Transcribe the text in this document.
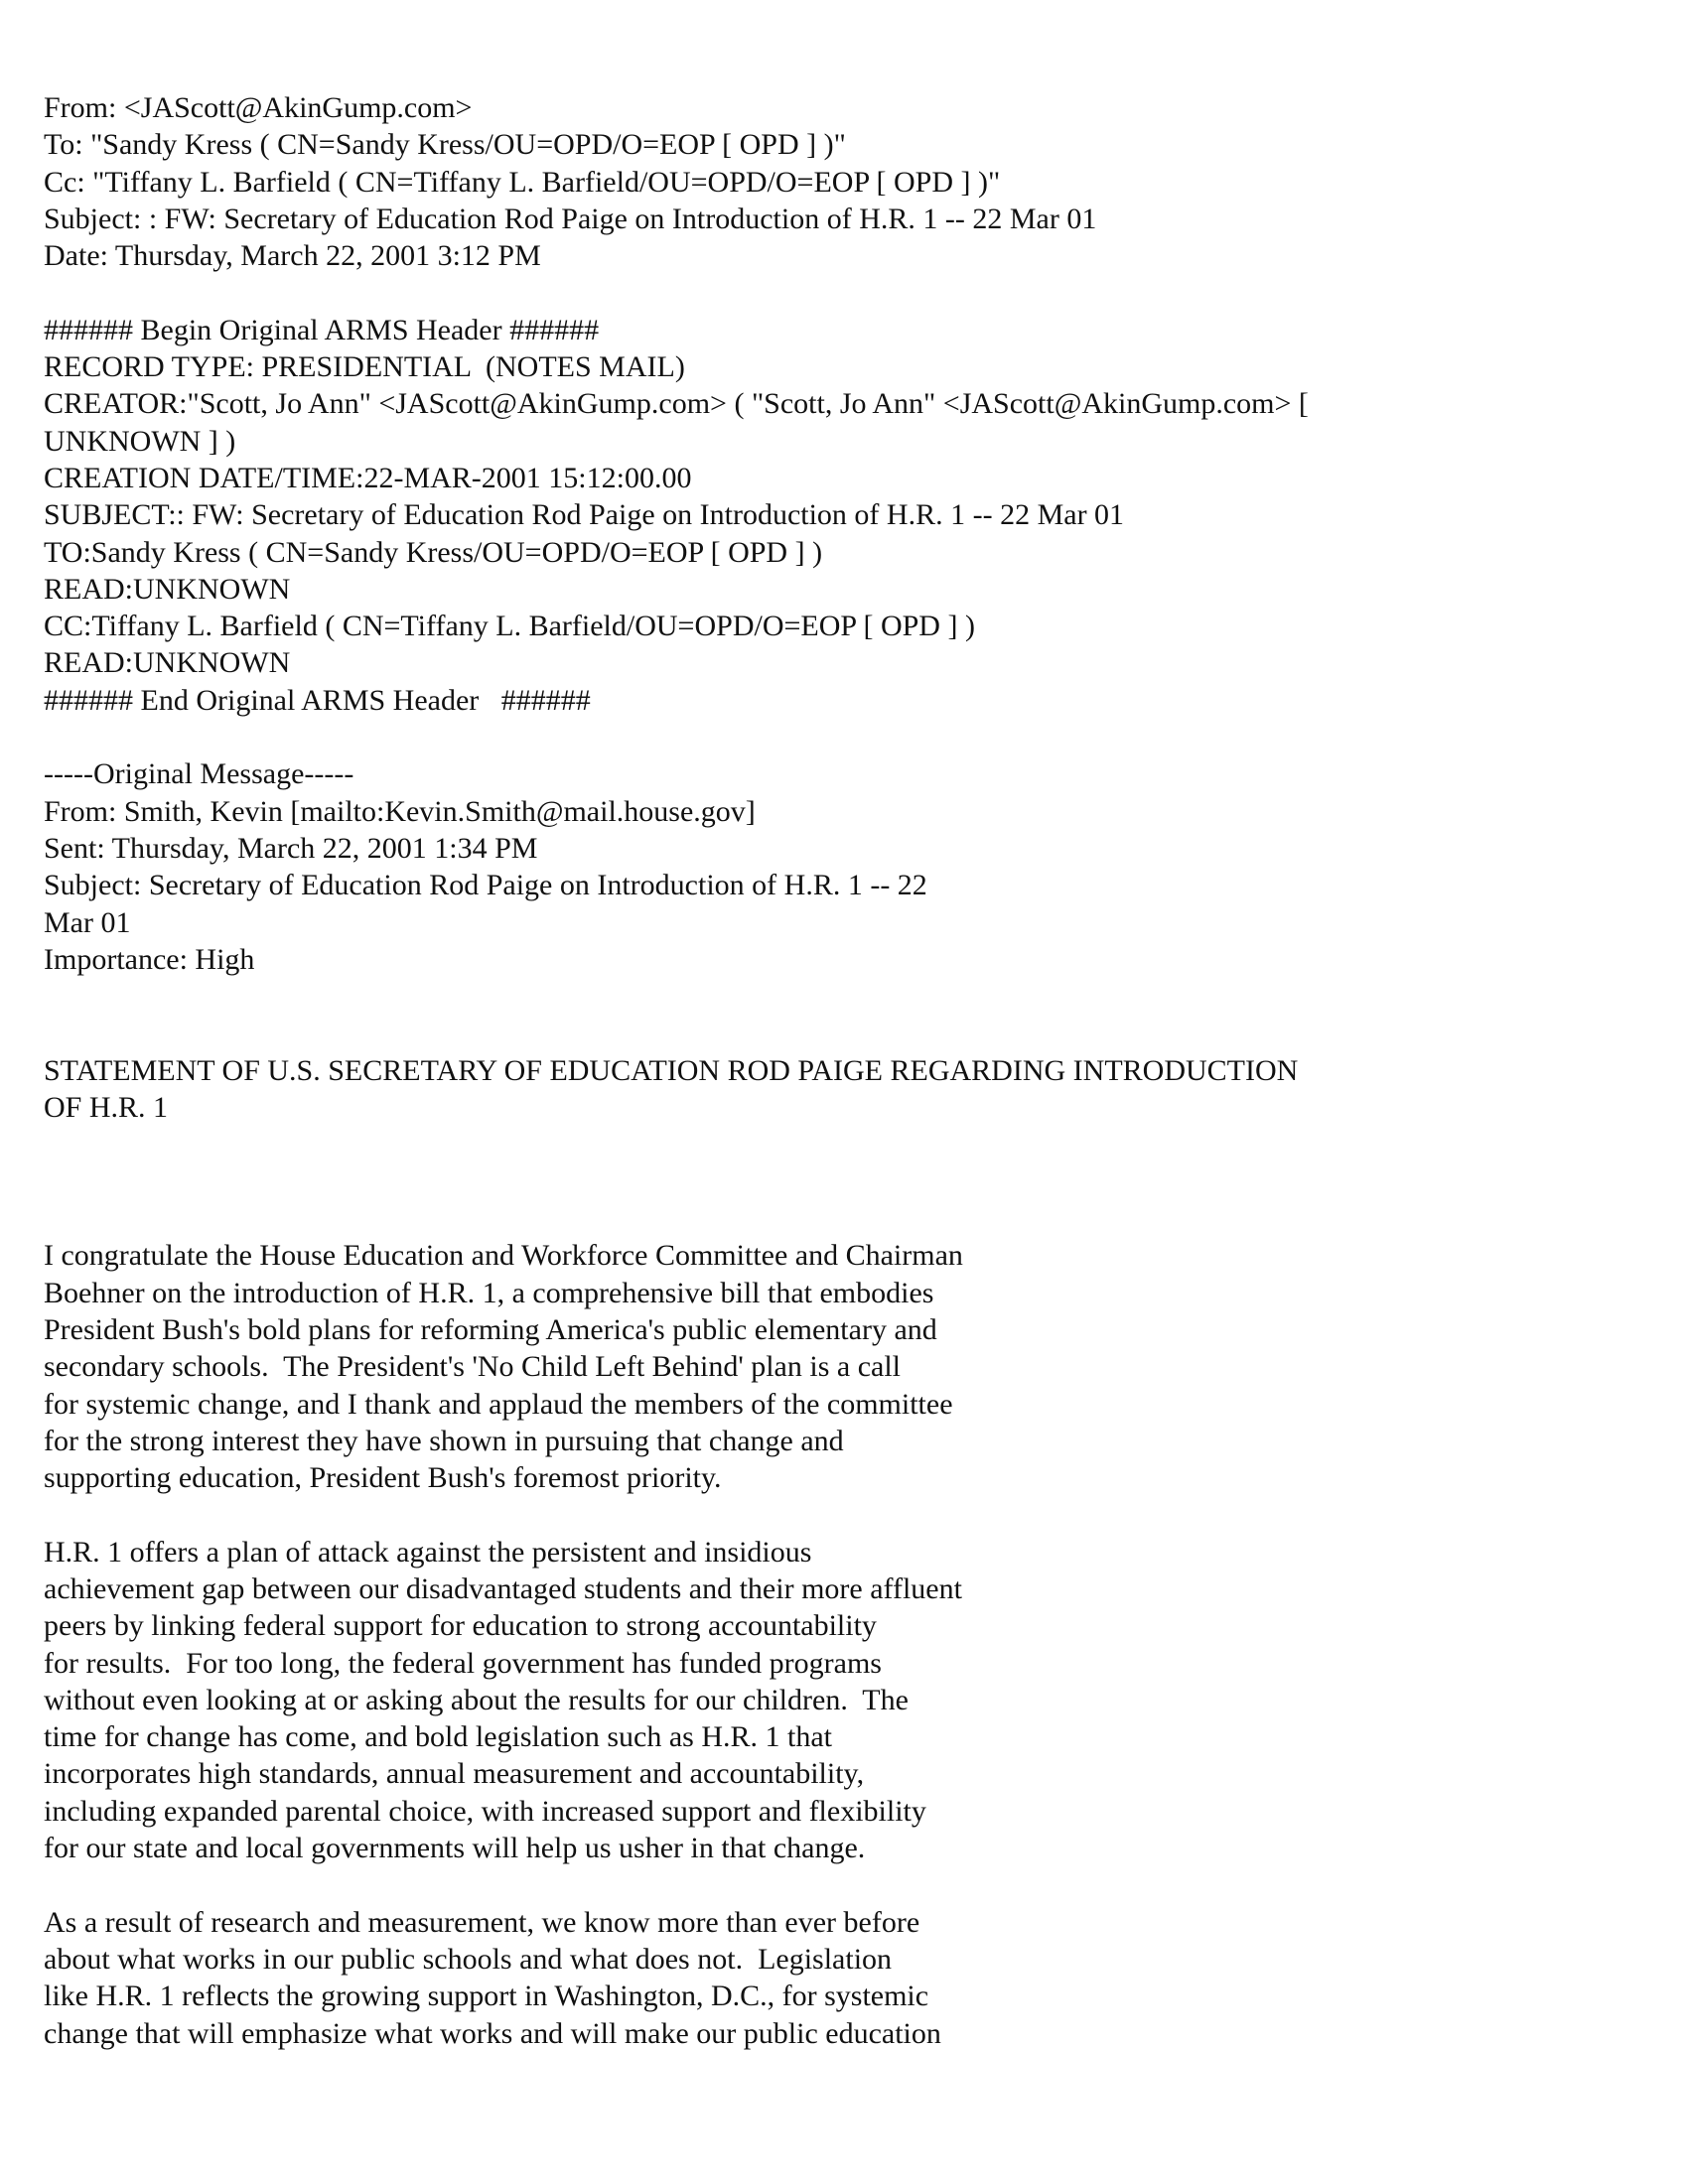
From: <JAScott@AkinGump.com>
To: "Sandy Kress ( CN=Sandy Kress/OU=OPD/O=EOP [ OPD ] )"
Cc: "Tiffany L. Barfield ( CN=Tiffany L. Barfield/OU=OPD/O=EOP [ OPD ] )"
Subject: : FW: Secretary of Education Rod Paige on Introduction of H.R. 1 -- 22 Mar 01
Date: Thursday, March 22, 2001 3:12 PM
###### Begin Original ARMS Header ######
RECORD TYPE: PRESIDENTIAL  (NOTES MAIL)
CREATOR:"Scott, Jo Ann" <JAScott@AkinGump.com> ( "Scott, Jo Ann" <JAScott@AkinGump.com> [
UNKNOWN ] )
CREATION DATE/TIME:22-MAR-2001 15:12:00.00
SUBJECT:: FW: Secretary of Education Rod Paige on Introduction of H.R. 1 -- 22 Mar 01
TO:Sandy Kress ( CN=Sandy Kress/OU=OPD/O=EOP [ OPD ] )
READ:UNKNOWN
CC:Tiffany L. Barfield ( CN=Tiffany L. Barfield/OU=OPD/O=EOP [ OPD ] )
READ:UNKNOWN
###### End Original ARMS Header   ######
-----Original Message-----
From: Smith, Kevin [mailto:Kevin.Smith@mail.house.gov]
Sent: Thursday, March 22, 2001 1:34 PM
Subject: Secretary of Education Rod Paige on Introduction of H.R. 1 -- 22
Mar 01
Importance: High
STATEMENT OF U.S. SECRETARY OF EDUCATION ROD PAIGE REGARDING INTRODUCTION
OF H.R. 1
I congratulate the House Education and Workforce Committee and Chairman
Boehner on the introduction of H.R. 1, a comprehensive bill that embodies
President Bush's bold plans for reforming America's public elementary and
secondary schools.  The President's 'No Child Left Behind' plan is a call
for systemic change, and I thank and applaud the members of the committee
for the strong interest they have shown in pursuing that change and
supporting education, President Bush's foremost priority.
H.R. 1 offers a plan of attack against the persistent and insidious
achievement gap between our disadvantaged students and their more affluent
peers by linking federal support for education to strong accountability
for results.  For too long, the federal government has funded programs
without even looking at or asking about the results for our children.  The
time for change has come, and bold legislation such as H.R. 1 that
incorporates high standards, annual measurement and accountability,
including expanded parental choice, with increased support and flexibility
for our state and local governments will help us usher in that change.
As a result of research and measurement, we know more than ever before
about what works in our public schools and what does not.  Legislation
like H.R. 1 reflects the growing support in Washington, D.C., for systemic
change that will emphasize what works and will make our public education
